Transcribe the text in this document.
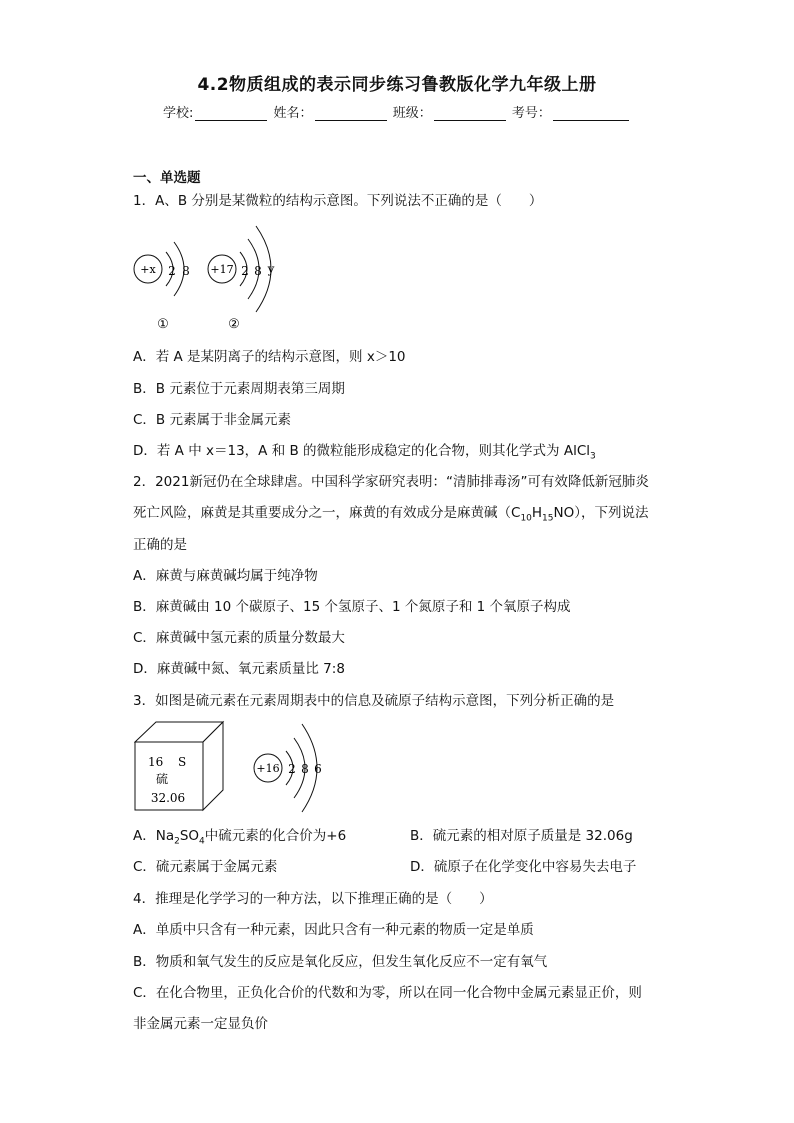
4.2物质组成的表示同步练习鲁教版化学九年级上册
学校:	姓名：	班级：	考号：
一、单选题
1．A、B 分别是某微粒的结构示意图。下列说法不正确的是（　　）
+x 2 8 +17 2 8 y
①	②
A．若 A 是某阴离子的结构示意图，则 x＞10
B．B 元素位于元素周期表第三周期
C．B 元素属于非金属元素
D．若 A 中 x＝13，A 和 B 的微粒能形成稳定的化合物，则其化学式为 AlCl$_3$
2．2021新冠仍在全球肆虐。中国科学家研究表明：“清肺排毒汤”可有效降低新冠肺炎
死亡风险，麻黄是其重要成分之一，麻黄的有效成分是麻黄碱$(C_{10}H_{15}NO)$，下列说法
正确的是
A．麻黄与麻黄碱均属于纯净物
B．麻黄碱由 10 个碳原子、15 个氢原子、1 个氮原子和 1 个氧原子构成
C．麻黄碱中氢元素的质量分数最大
D．麻黄碱中氮、氧元素质量比 7:8
3．如图是硫元素在元素周期表中的信息及硫原子结构示意图，下列分析正确的是
16 S
硫
32.06
+16 2 8 6
A．$Na_2SO_4$中硫元素的化合价为+6	B．硫元素的相对原子质量是 32.06g
C．硫元素属于金属元素	D．硫原子在化学变化中容易失去电子
4．推理是化学学习的一种方法，以下推理正确的是（　　）
A．单质中只含有一种元素，因此只含有一种元素的物质一定是单质
B．物质和氧气发生的反应是氧化反应，但发生氧化反应不一定有氧气
C．在化合物里，正负化合价的代数和为零，所以在同一化合物中金属元素显正价，则
非金属元素一定显负价
